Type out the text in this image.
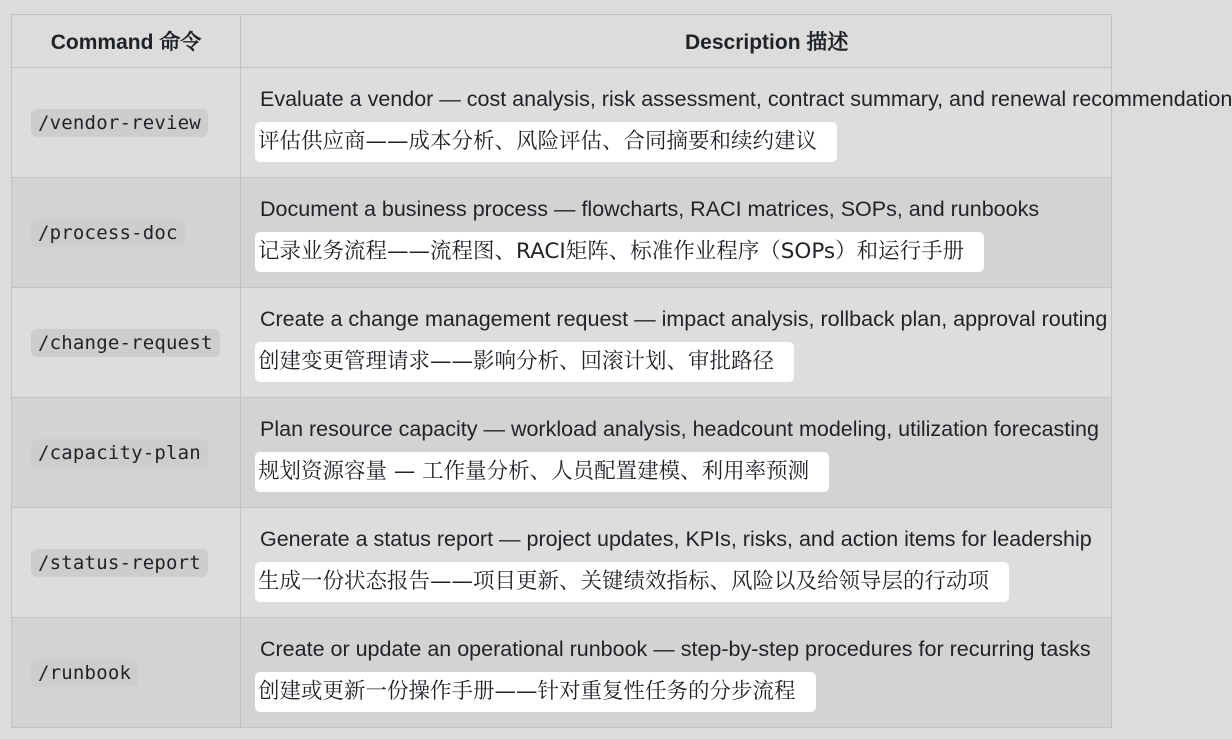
Command 命令	Description 描述
/vendor-review	Evaluate a vendor — cost analysis, risk assessment, contract summary, and renewal recommendation
评估供应商——成本分析、风险评估、合同摘要和续约建议
/process-doc	Document a business process — flowcharts, RACI matrices, SOPs, and runbooks
记录业务流程——流程图、RACI矩阵、标准作业程序（SOPs）和运行手册
/change-request	Create a change management request — impact analysis, rollback plan, approval routing
创建变更管理请求——影响分析、回滚计划、审批路径
/capacity-plan	Plan resource capacity — workload analysis, headcount modeling, utilization forecasting
规划资源容量 — 工作量分析、人员配置建模、利用率预测
/status-report	Generate a status report — project updates, KPIs, risks, and action items for leadership
生成一份状态报告——项目更新、关键绩效指标、风险以及给领导层的行动项
/runbook	Create or update an operational runbook — step-by-step procedures for recurring tasks
创建或更新一份操作手册——针对重复性任务的分步流程
